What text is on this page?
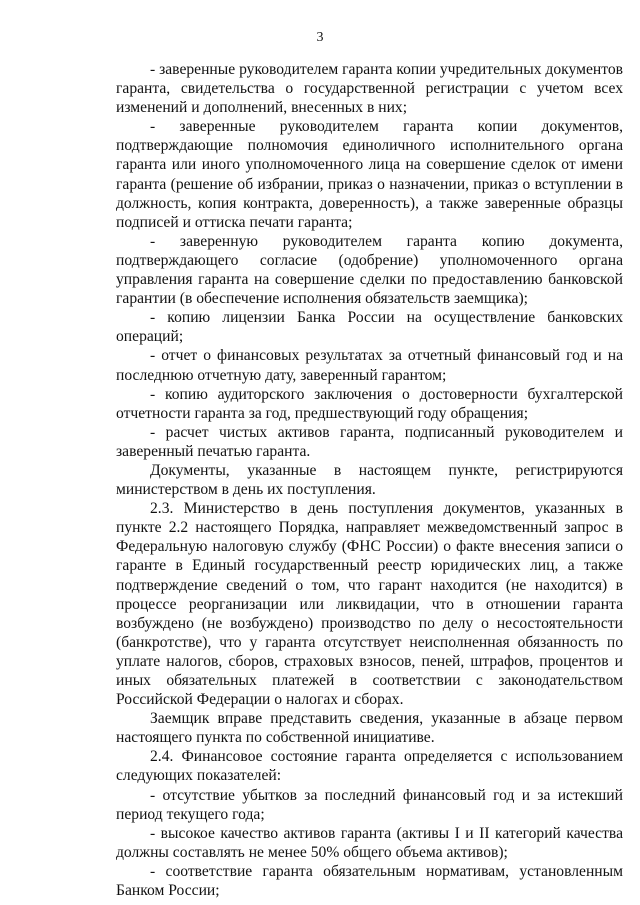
3

- заверенные руководителем гаранта копии учредительных документов гаранта, свидетельства о государственной регистрации с учетом всех изменений и дополнений, внесенных в них;

- заверенные руководителем гаранта копии документов, подтверждающие полномочия единоличного исполнительного органа гаранта или иного уполномоченного лица на совершение сделок от имени гаранта (решение об избрании, приказ о назначении, приказ о вступлении в должность, копия контракта, доверенность), а также заверенные образцы подписей и оттиска печати гаранта;

- заверенную руководителем гаранта копию документа, подтверждающего согласие (одобрение) уполномоченного органа управления гаранта на совершение сделки по предоставлению банковской гарантии (в обеспечение исполнения обязательств заемщика);

- копию лицензии Банка России на осуществление банковских операций;

- отчет о финансовых результатах за отчетный финансовый год и на последнюю отчетную дату, заверенный гарантом;

- копию аудиторского заключения о достоверности бухгалтерской отчетности гаранта за год, предшествующий году обращения;

- расчет чистых активов гаранта, подписанный руководителем и заверенный печатью гаранта.

Документы, указанные в настоящем пункте, регистрируются министерством в день их поступления.

2.3. Министерство в день поступления документов, указанных в пункте 2.2 настоящего Порядка, направляет межведомственный запрос в Федеральную налоговую службу (ФНС России) о факте внесения записи о гаранте в Единый государственный реестр юридических лиц, а также подтверждение сведений о том, что гарант находится (не находится) в процессе реорганизации или ликвидации, что в отношении гаранта возбуждено (не возбуждено) производство по делу о несостоятельности (банкротстве), что у гаранта отсутствует неисполненная обязанность по уплате налогов, сборов, страховых взносов, пеней, штрафов, процентов и иных обязательных платежей в соответствии с законодательством Российской Федерации о налогах и сборах.

Заемщик вправе представить сведения, указанные в абзаце первом настоящего пункта по собственной инициативе.

2.4. Финансовое состояние гаранта определяется с использованием следующих показателей:

- отсутствие убытков за последний финансовый год и за истекший период текущего года;

- высокое качество активов гаранта (активы I и II категорий качества должны составлять не менее 50% общего объема активов);

- соответствие гаранта обязательным нормативам, установленным Банком России;
